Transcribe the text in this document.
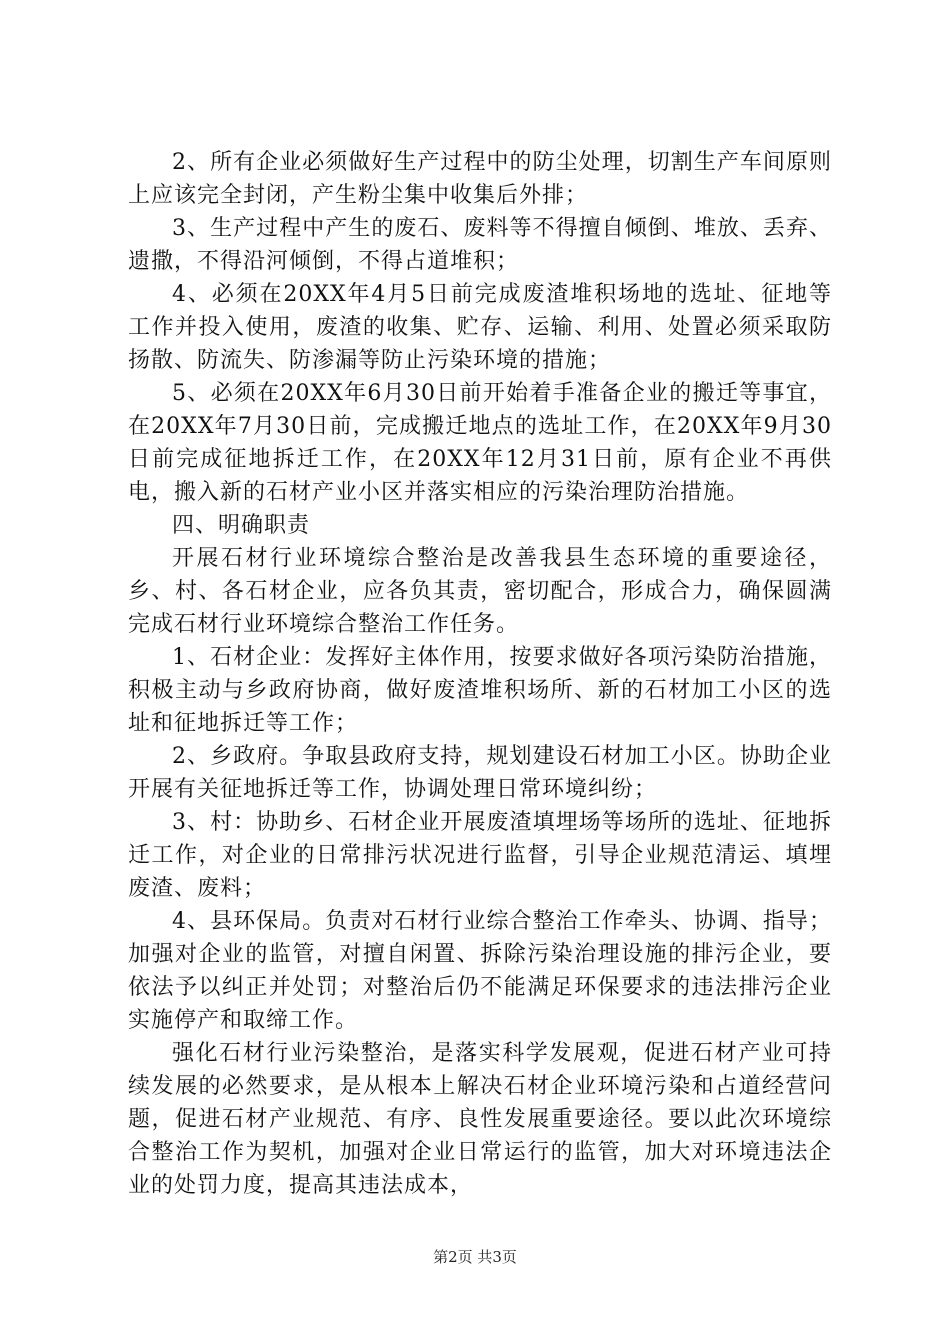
2、所有企业必须做好生产过程中的防尘处理，切割生产车间原则上应该完全封闭，产生粉尘集中收集后外排；

3、生产过程中产生的废石、废料等不得擅自倾倒、堆放、丢弃、遗撒，不得沿河倾倒，不得占道堆积；

4、必须在20XX年4月5日前完成废渣堆积场地的选址、征地等工作并投入使用，废渣的收集、贮存、运输、利用、处置必须采取防扬散、防流失、防渗漏等防止污染环境的措施；

5、必须在20XX年6月30日前开始着手准备企业的搬迁等事宜，在20XX年7月30日前，完成搬迁地点的选址工作，在20XX年9月30日前完成征地拆迁工作，在20XX年12月31日前，原有企业不再供电，搬入新的石材产业小区并落实相应的污染治理防治措施。

四、明确职责

开展石材行业环境综合整治是改善我县生态环境的重要途径，乡、村、各石材企业，应各负其责，密切配合，形成合力，确保圆满完成石材行业环境综合整治工作任务。

1、石材企业：发挥好主体作用，按要求做好各项污染防治措施，积极主动与乡政府协商，做好废渣堆积场所、新的石材加工小区的选址和征地拆迁等工作；

2、乡政府。争取县政府支持，规划建设石材加工小区。协助企业开展有关征地拆迁等工作，协调处理日常环境纠纷；

3、村：协助乡、石材企业开展废渣填埋场等场所的选址、征地拆迁工作，对企业的日常排污状况进行监督，引导企业规范清运、填埋废渣、废料；

4、县环保局。负责对石材行业综合整治工作牵头、协调、指导；加强对企业的监管，对擅自闲置、拆除污染治理设施的排污企业，要依法予以纠正并处罚；对整治后仍不能满足环保要求的违法排污企业实施停产和取缔工作。

强化石材行业污染整治，是落实科学发展观，促进石材产业可持续发展的必然要求，是从根本上解决石材企业环境污染和占道经营问题，促进石材产业规范、有序、良性发展重要途径。要以此次环境综合整治工作为契机，加强对企业日常运行的监管，加大对环境违法企业的处罚力度，提高其违法成本，

第2页 共3页
